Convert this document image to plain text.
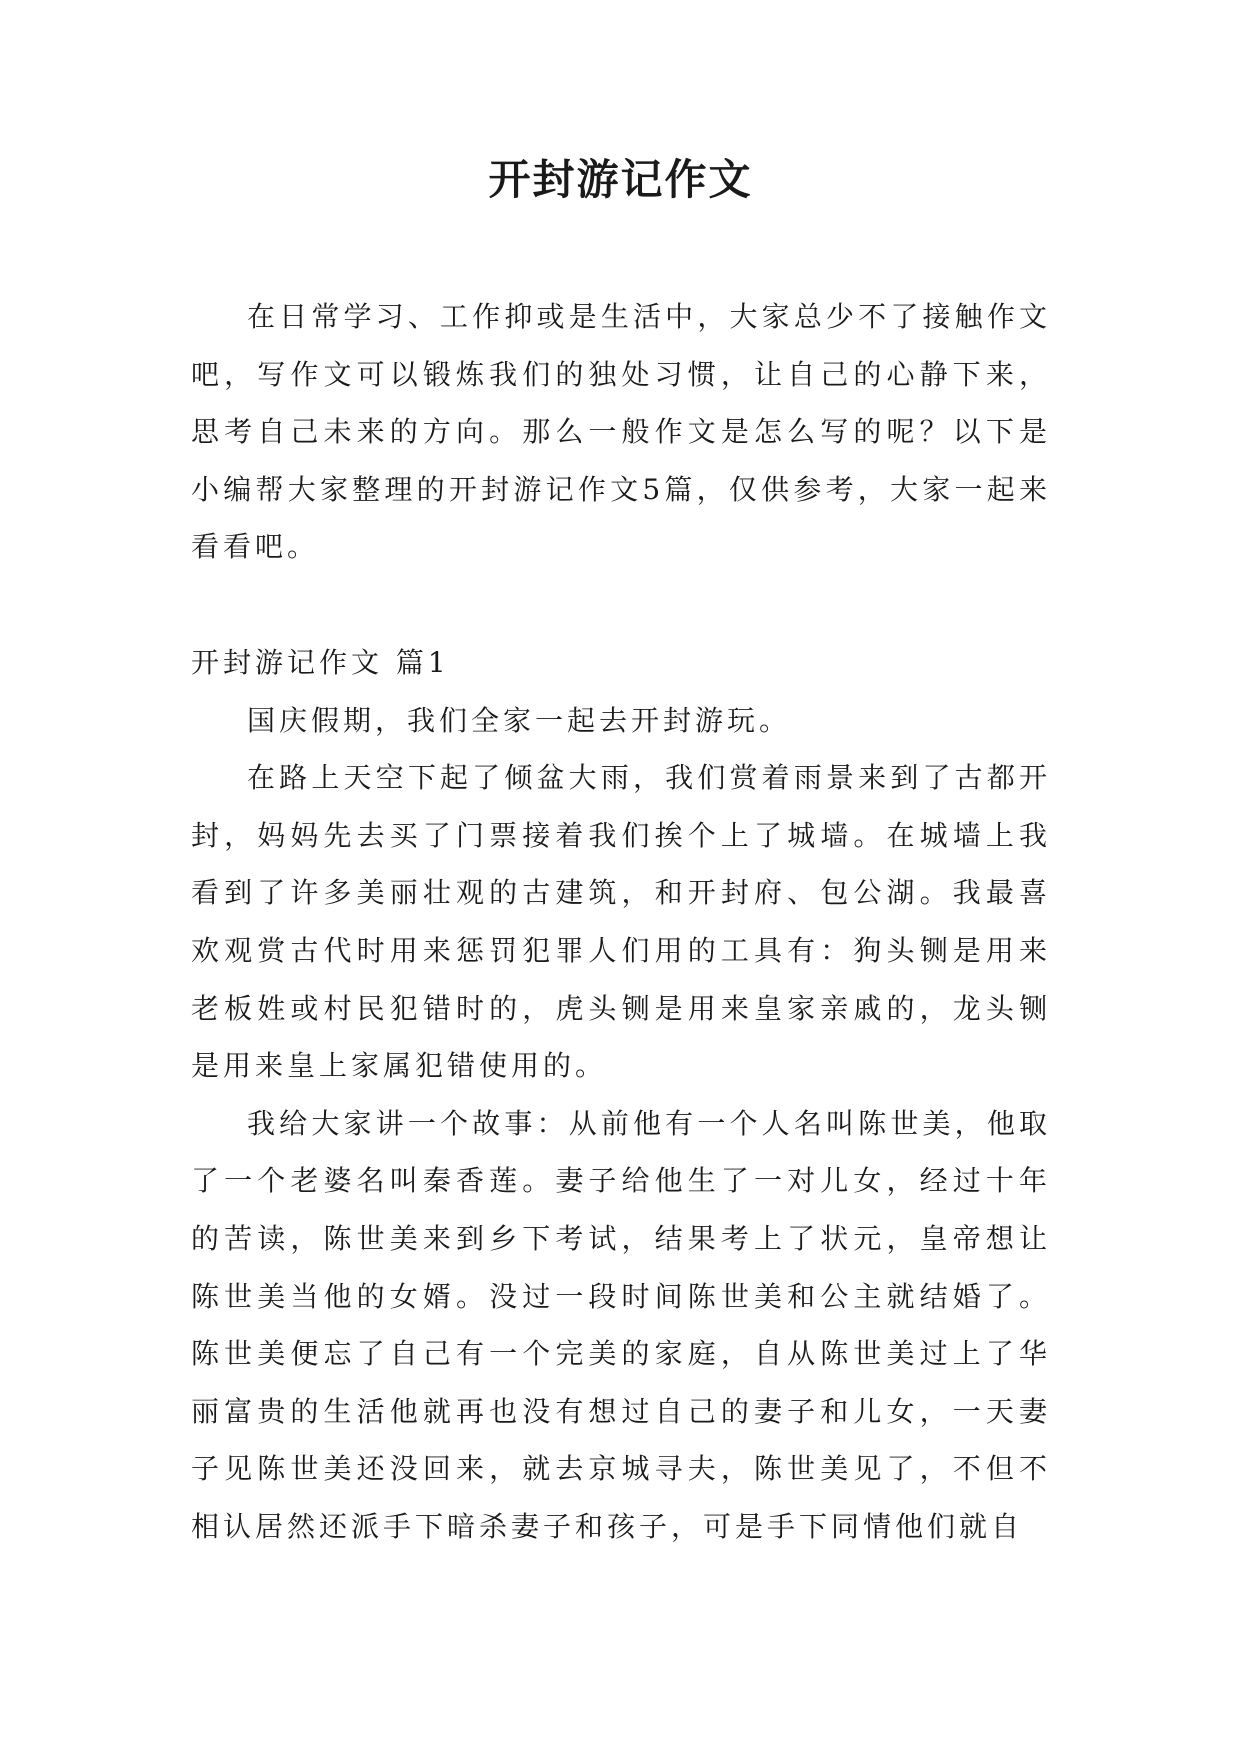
开封游记作文

在日常学习、工作抑或是生活中，大家总少不了接触作文吧，写作文可以锻炼我们的独处习惯，让自己的心静下来，思考自己未来的方向。那么一般作文是怎么写的呢？以下是小编帮大家整理的开封游记作文5篇，仅供参考，大家一起来看看吧。

开封游记作文 篇1

国庆假期，我们全家一起去开封游玩。

在路上天空下起了倾盆大雨，我们赏着雨景来到了古都开封，妈妈先去买了门票接着我们挨个上了城墙。在城墙上我看到了许多美丽壮观的古建筑，和开封府、包公湖。我最喜欢观赏古代时用来惩罚犯罪人们用的工具有：狗头铡是用来老板姓或村民犯错时的，虎头铡是用来皇家亲戚的，龙头铡是用来皇上家属犯错使用的。

我给大家讲一个故事：从前他有一个人名叫陈世美，他取了一个老婆名叫秦香莲。妻子给他生了一对儿女，经过十年的苦读，陈世美来到乡下考试，结果考上了状元，皇帝想让陈世美当他的女婿。没过一段时间陈世美和公主就结婚了。陈世美便忘了自己有一个完美的家庭，自从陈世美过上了华丽富贵的生活他就再也没有想过自己的妻子和儿女，一天妻子见陈世美还没回来，就去京城寻夫，陈世美见了，不但不相认居然还派手下暗杀妻子和孩子，可是手下同情他们就自
